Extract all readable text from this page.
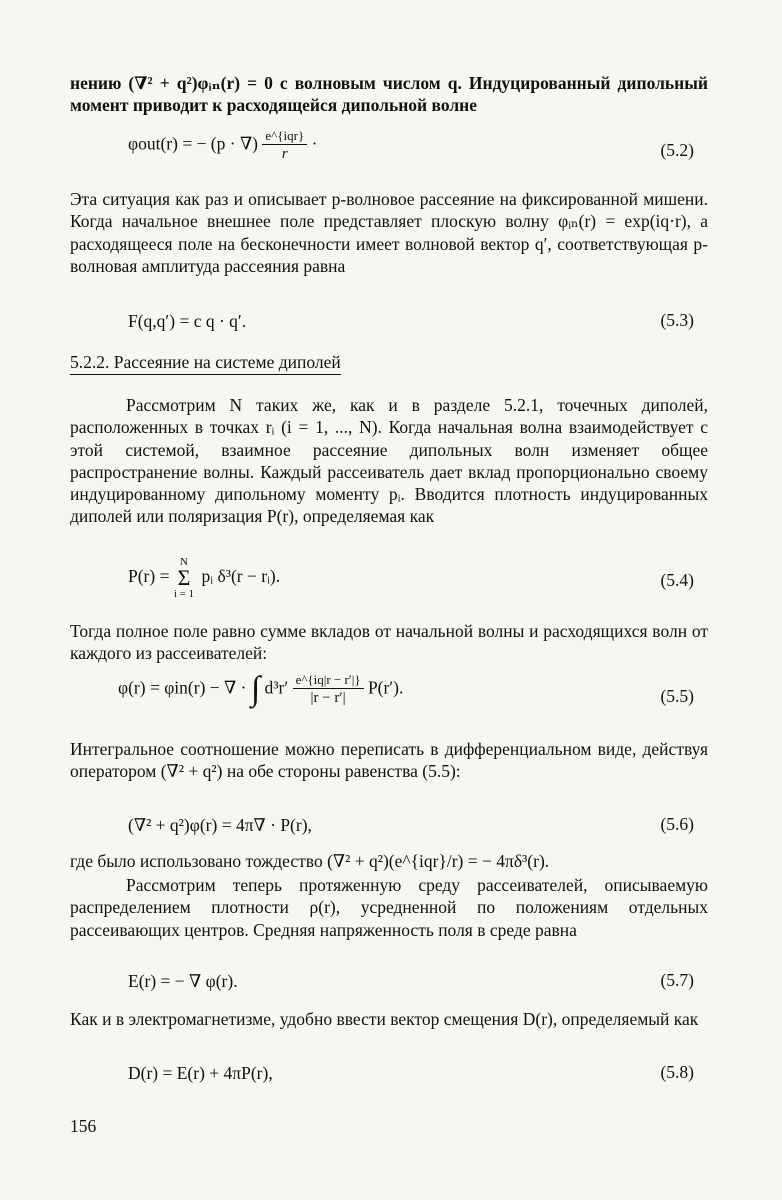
нению (∇² + q²)φᵢₙ(r) = 0 с волновым числом q. Индуцированный дипольный момент приводит к расходящейся дипольной волне

φout(r) = − (p · ∇) $\frac{\text{e\textasciicircum{}\{iqr\}}}{r}$ ·	(5.2)

Эта ситуация как раз и описывает p-волновое рассеяние на фиксированной мишени. Когда начальное внешнее поле представляет плоскую волну φᵢₙ(r) = exp(iq·r), а расходящееся поле на бесконечности имеет волновой вектор q′, соответствующая p-волновая амплитуда рассеяния равна

F(q,q′) = c q · q′.	(5.3)
5.2.2. Рассеяние на системе диполей

Рассмотрим N таких же, как и в разделе 5.2.1, точечных диполей, расположенных в точках rᵢ (i = 1, ..., N). Когда начальная волна взаимодействует с этой системой, взаимное рассеяние дипольных волн изменяет общее распространение волны. Каждый рассеиватель дает вклад пропорционально своему индуцированному дипольному моменту pᵢ. Вводится плотность индуцированных диполей или поляризация P(r), определяемая как

P(r) = N
Σ
i = 1 pᵢ δ³(r − rᵢ).	(5.4)

Тогда полное поле равно сумме вкладов от начальной волны и расходящихся волн от каждого из рассеивателей:

φ(r) = φin(r) − ∇ · ∫ $d^3r' \frac{e\^{}\{iq|r - r'|\}}{|r - r'|} P(r')$.	(5.5)

Интегральное соотношение можно переписать в дифференциальном виде, действуя оператором (∇² + q²) на обе стороны равенства (5.5):

(∇² + q²)φ(r) = 4π∇ · P(r),	(5.6)

где было использовано тождество (∇² + q²)(e^{iqr}/r) = − 4πδ³(r).

Рассмотрим теперь протяженную среду рассеивателей, описываемую распределением плотности ρ(r), усредненной по положениям отдельных рассеивающих центров. Средняя напряженность поля в среде равна

E(r) = − ∇ φ(r).	(5.7)

Как и в электромагнетизме, удобно ввести вектор смещения D(r), определяемый как

D(r) = E(r) + 4πP(r),	(5.8)
156
